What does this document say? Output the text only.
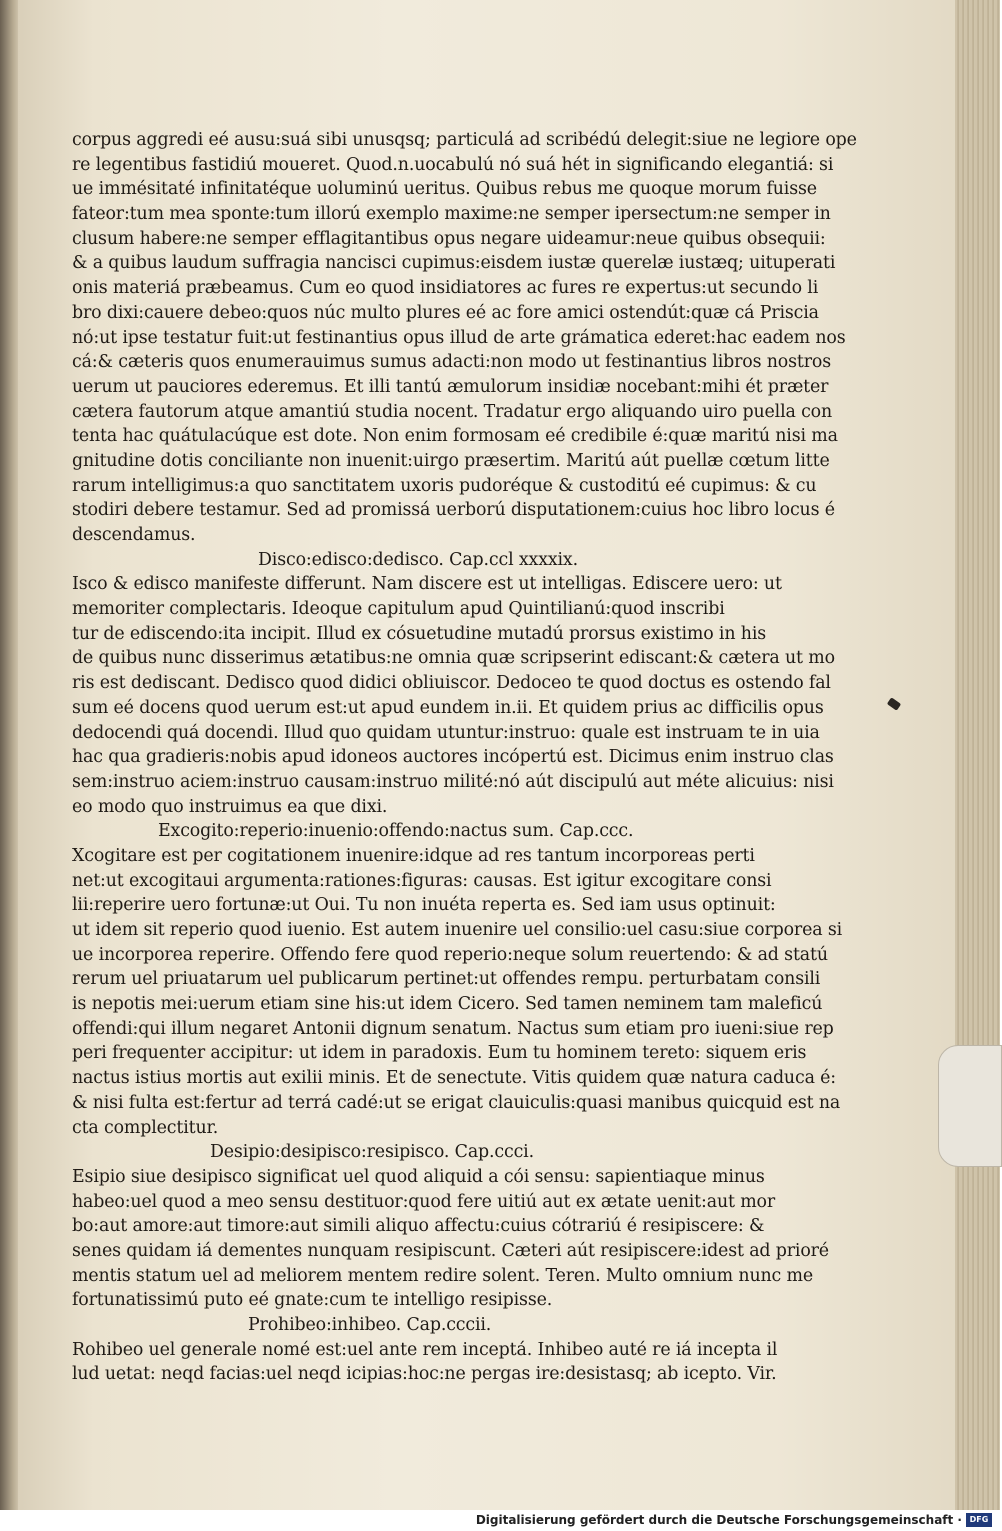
corpus aggredi eé ausu:suá sibi unusqsq; particulá ad scribédú delegit:siue ne legiore ope
re legentibus fastidiú moueret. Quod.n.uocabulú nó suá hét in significando elegantiá: si
ue immésitaté infinitatéque uoluminú ueritus. Quibus rebus me quoque morum fuisse
fateor:tum mea sponte:tum illorú exemplo maxime:ne semper ipersectum:ne semper in
clusum habere:ne semper efflagitantibus opus negare uideamur:neue quibus obsequii:
& a quibus laudum suffragia nancisci cupimus:eisdem iustæ querelæ iustæq; uituperati
onis materiá præbeamus. Cum eo quod insidiatores ac fures re expertus:ut secundo li
bro dixi:cauere debeo:quos núc multo plures eé ac fore amici ostendút:quæ cá Priscia
nó:ut ipse testatur fuit:ut festinantius opus illud de arte grámatica ederet:hac eadem nos
cá:& cæteris quos enumerauimus sumus adacti:non modo ut festinantius libros nostros
uerum ut pauciores ederemus. Et illi tantú æmulorum insidiæ nocebant:mihi ét præter
cætera fautorum atque amantiú studia nocent. Tradatur ergo aliquando uiro puella con
tenta hac quátulacúque est dote. Non enim formosam eé credibile é:quæ maritú nisi ma
gnitudine dotis conciliante non inuenit:uirgo præsertim. Maritú aút puellæ cœtum litte
rarum intelligimus:a quo sanctitatem uxoris pudoréque & custoditú eé cupimus: & cu
stodiri debere testamur. Sed ad promissá uerború disputationem:cuius hoc libro locus é
descendamus.
Disco:edisco:dedisco. Cap.ccl xxxxix.
Isco & edisco manifeste differunt. Nam discere est ut intelligas. Ediscere uero: ut
memoriter complectaris. Ideoque capitulum apud Quintilianú:quod inscribi
tur de ediscendo:ita incipit. Illud ex cósuetudine mutadú prorsus existimo in his
de quibus nunc disserimus ætatibus:ne omnia quæ scripserint ediscant:& cætera ut mo
ris est dediscant. Dedisco quod didici obliuiscor. Dedoceo te quod doctus es ostendo fal
sum eé docens quod uerum est:ut apud eundem in.ii. Et quidem prius ac difficilis opus
dedocendi quá docendi. Illud quo quidam utuntur:instruo: quale est instruam te in uia
hac qua gradieris:nobis apud idoneos auctores incópertú est. Dicimus enim instruo clas
sem:instruo aciem:instruo causam:instruo milité:nó aút discipulú aut méte alicuius: nisi
eo modo quo instruimus ea que dixi.
Excogito:reperio:inuenio:offendo:nactus sum. Cap.ccc.
Xcogitare est per cogitationem inuenire:idque ad res tantum incorporeas perti
net:ut excogitaui argumenta:rationes:figuras: causas. Est igitur excogitare consi
lii:reperire uero fortunæ:ut Oui. Tu non inuéta reperta es. Sed iam usus optinuit:
ut idem sit reperio quod iuenio. Est autem inuenire uel consilio:uel casu:siue corporea si
ue incorporea reperire. Offendo fere quod reperio:neque solum reuertendo: & ad statú
rerum uel priuatarum uel publicarum pertinet:ut offendes rempu. perturbatam consili
is nepotis mei:uerum etiam sine his:ut idem Cicero. Sed tamen neminem tam maleficú
offendi:qui illum negaret Antonii dignum senatum. Nactus sum etiam pro iueni:siue rep
peri frequenter accipitur: ut idem in paradoxis. Eum tu hominem tereto: siquem eris
nactus istius mortis aut exilii minis. Et de senectute. Vitis quidem quæ natura caduca é:
& nisi fulta est:fertur ad terrá cadé:ut se erigat clauiculis:quasi manibus quicquid est na
cta complectitur.
Desipio:desipisco:resipisco. Cap.ccci.
Esipio siue desipisco significat uel quod aliquid a cói sensu: sapientiaque minus
habeo:uel quod a meo sensu destituor:quod fere uitiú aut ex ætate uenit:aut mor
bo:aut amore:aut timore:aut simili aliquo affectu:cuius cótrariú é resipiscere: &
senes quidam iá dementes nunquam resipiscunt. Cæteri aút resipiscere:idest ad prioré
mentis statum uel ad meliorem mentem redire solent. Teren. Multo omnium nunc me
fortunatissimú puto eé gnate:cum te intelligo resipisse.
Prohibeo:inhibeo. Cap.cccii.
Rohibeo uel generale nomé est:uel ante rem inceptá. Inhibeo auté re iá incepta il
lud uetat: neqd facias:uel neqd icipias:hoc:ne pergas ire:desistasq; ab icepto. Vir.
Digitalisierung gefördert durch die Deutsche Forschungsgemeinschaft · DFG
